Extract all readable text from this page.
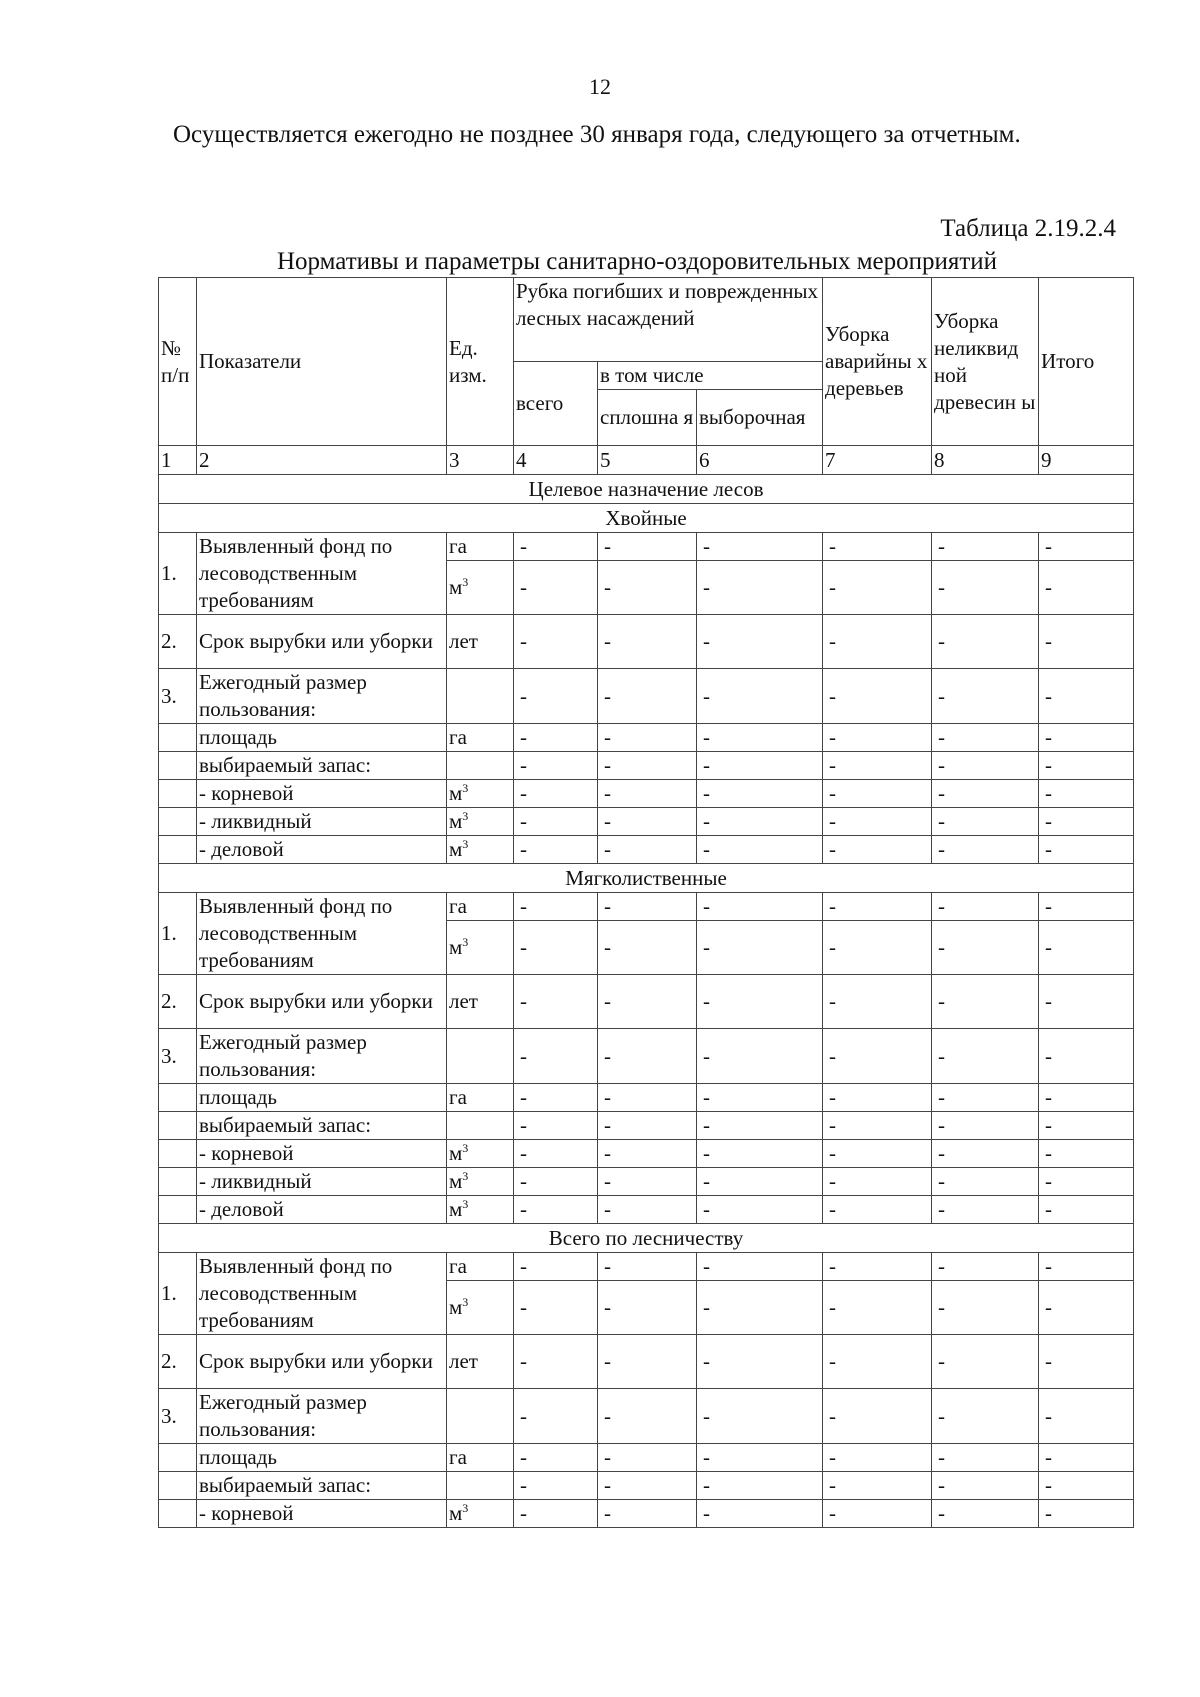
12
Осуществляется ежегодно не позднее 30 января года, следующего за отчетным.
Таблица 2.19.2.4
Нормативы и параметры санитарно-оздоровительных мероприятий
№ п/п	Показатели	Ед. изм.	Рубка погибших и поврежденных лесных насаждений			Уборка аварийны х деревьев	Уборка неликвид ной древесин ы	Итого
			всего	в том числе				
				сплошна я	выборочная			
1	2	3	4	5	6	7	8	9
Целевое назначение лесов								
Хвойные								
1.	Выявленный фонд по лесоводственным требованиям	га	-	-	-	-	-	-
		$м^3$	-	-	-	-	-	-
2.	Срок вырубки или уборки	лет	-	-	-	-	-	-
3.	Ежегодный размер пользования:		-	-	-	-	-	-
	площадь	га	-	-	-	-	-	-
	выбираемый запас:		-	-	-	-	-	-
	- корневой	$м^3$	-	-	-	-	-	-
	- ликвидный	$м^3$	-	-	-	-	-	-
	- деловой	$м^3$	-	-	-	-	-	-
Мягколиственные								
1.	Выявленный фонд по лесоводственным требованиям	га	-	-	-	-	-	-
		$м^3$	-	-	-	-	-	-
2.	Срок вырубки или уборки	лет	-	-	-	-	-	-
3.	Ежегодный размер пользования:		-	-	-	-	-	-
	площадь	га	-	-	-	-	-	-
	выбираемый запас:		-	-	-	-	-	-
	- корневой	$м^3$	-	-	-	-	-	-
	- ликвидный	$м^3$	-	-	-	-	-	-
	- деловой	$м^3$	-	-	-	-	-	-
Всего по лесничеству								
1.	Выявленный фонд по лесоводственным требованиям	га	-	-	-	-	-	-
		$м^3$	-	-	-	-	-	-
2.	Срок вырубки или уборки	лет	-	-	-	-	-	-
3.	Ежегодный размер пользования:		-	-	-	-	-	-
	площадь	га	-	-	-	-	-	-
	выбираемый запас:		-	-	-	-	-	-
	- корневой	$м^3$	-	-	-	-	-	-
